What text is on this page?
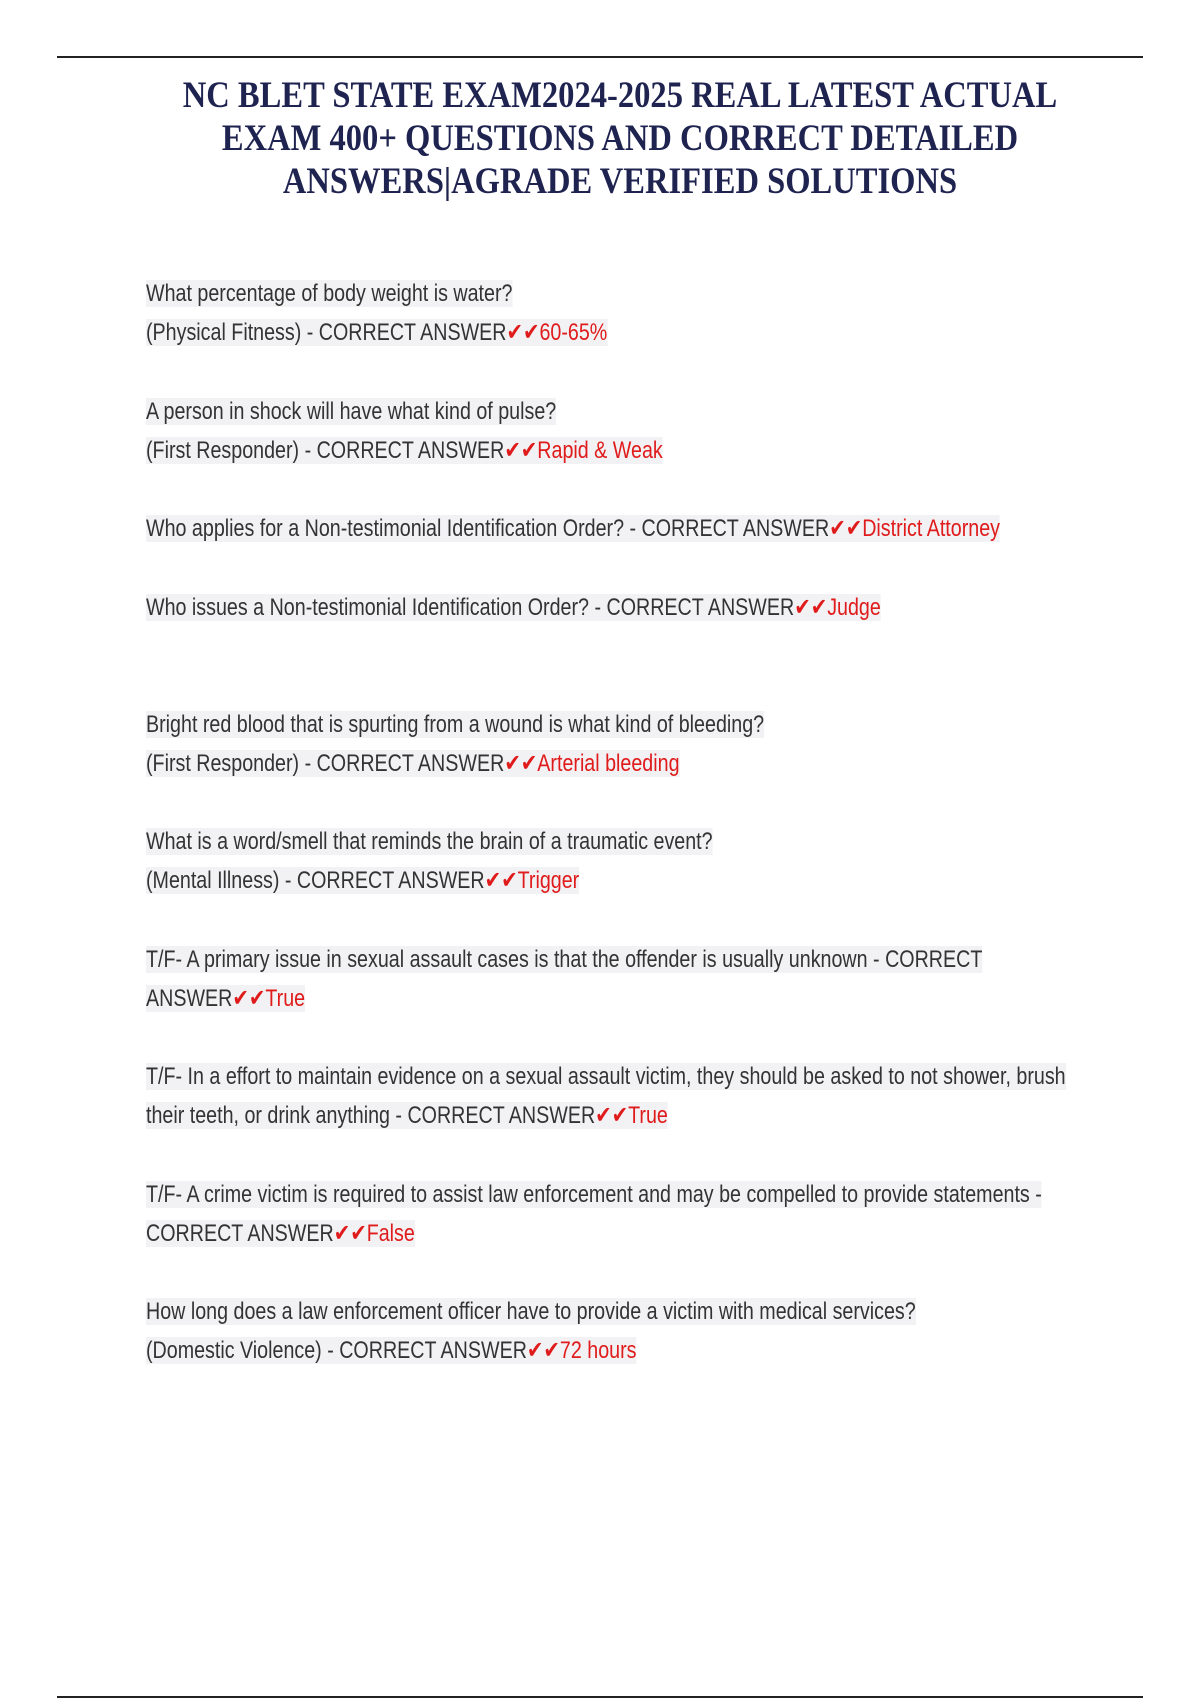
NC BLET STATE EXAM2024-2025 REAL LATEST ACTUAL EXAM 400+ QUESTIONS AND CORRECT DETAILED ANSWERS|AGRADE VERIFIED SOLUTIONS
What percentage of body weight is water?
(Physical Fitness) - CORRECT ANSWER✔✔60-65%
A person in shock will have what kind of pulse?
(First Responder) - CORRECT ANSWER✔✔Rapid & Weak
Who applies for a Non-testimonial Identification Order? - CORRECT ANSWER✔✔District Attorney
Who issues a Non-testimonial Identification Order? - CORRECT ANSWER✔✔Judge
Bright red blood that is spurting from a wound is what kind of bleeding?
(First Responder) - CORRECT ANSWER✔✔Arterial bleeding
What is a word/smell that reminds the brain of a traumatic event?
(Mental Illness) - CORRECT ANSWER✔✔Trigger
T/F- A primary issue in sexual assault cases is that the offender is usually unknown - CORRECT ANSWER✔✔True
T/F- In a effort to maintain evidence on a sexual assault victim, they should be asked to not shower, brush their teeth, or drink anything - CORRECT ANSWER✔✔True
T/F- A crime victim is required to assist law enforcement and may be compelled to provide statements - CORRECT ANSWER✔✔False
How long does a law enforcement officer have to provide a victim with medical services?
(Domestic Violence) - CORRECT ANSWER✔✔72 hours
